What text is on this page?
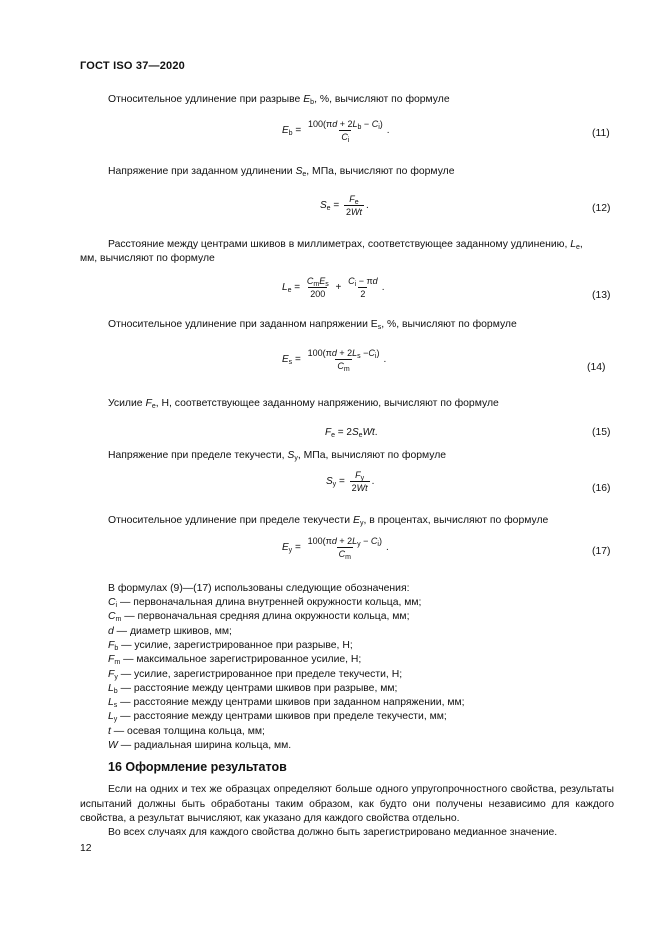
ГОСТ ISO 37—2020
Относительное удлинение при разрыве $E_b$, %, вычисляют по формуле
$E_b = \frac{100(\pi d + 2L_b - C_i)}{C_i}$ .	(11)
Напряжение при заданном удлинении $S_e$, МПа, вычисляют по формуле
$S_e = \frac{F_e}{2Wt}$ .	(12)
Расстояние между центрами шкивов в миллиметрах, соответствующее заданному удлинению, $L_e$,
мм, вычисляют по формуле
$L_e = \frac{C_mE_s}{200} + \frac{C_i - \pi d}{2}$ .
(13)
Относительное удлинение при заданном напряжении $E_s$, %, вычисляют по формуле
$E_s = \frac{100(\pi d + 2L_s -C_i)}{C_m}$ .
(14)
Усилие $F_e$, Н, соответствующее заданному напряжению, вычисляют по формуле
$F_e = 2S_eWt$.	(15)
Напряжение при пределе текучести, $S_y$, МПа, вычисляют по формуле
$S_y = \frac{F_y}{2Wt}$ .
(16)
Относительное удлинение при пределе текучести $E_y$, в процентах, вычисляют по формуле
$E_y = \frac{100(\pi d + 2L_y - C_i)}{C_m}$ .	(17)
В формулах (9)—(17) использованы следующие обозначения:
$C_i$ — первоначальная длина внутренней окружности кольца, мм;
$C_m$ — первоначальная средняя длина окружности кольца, мм;
d — диаметр шкивов, мм;
$F_b$ — усилие, зарегистрированное при разрыве, Н;
$F_m$ — максимальное зарегистрированное усилие, Н;
$F_y$ — усилие, зарегистрированное при пределе текучести, Н;
$L_b$ — расстояние между центрами шкивов при разрыве, мм;
$L_s$ — расстояние между центрами шкивов при заданном напряжении, мм;
$L_y$ — расстояние между центрами шкивов при пределе текучести, мм;
t — осевая толщина кольца, мм;
W — радиальная ширина кольца, мм.
16 Оформление результатов
Если на одних и тех же образцах определяют больше одного упругопрочностного свойства, результаты испытаний должны быть обработаны таким образом, как будто они получены независимо для каждого свойства, а результат вычисляют, как указано для каждого свойства отдельно.
Во всех случаях для каждого свойства должно быть зарегистрировано медианное значение.
12
